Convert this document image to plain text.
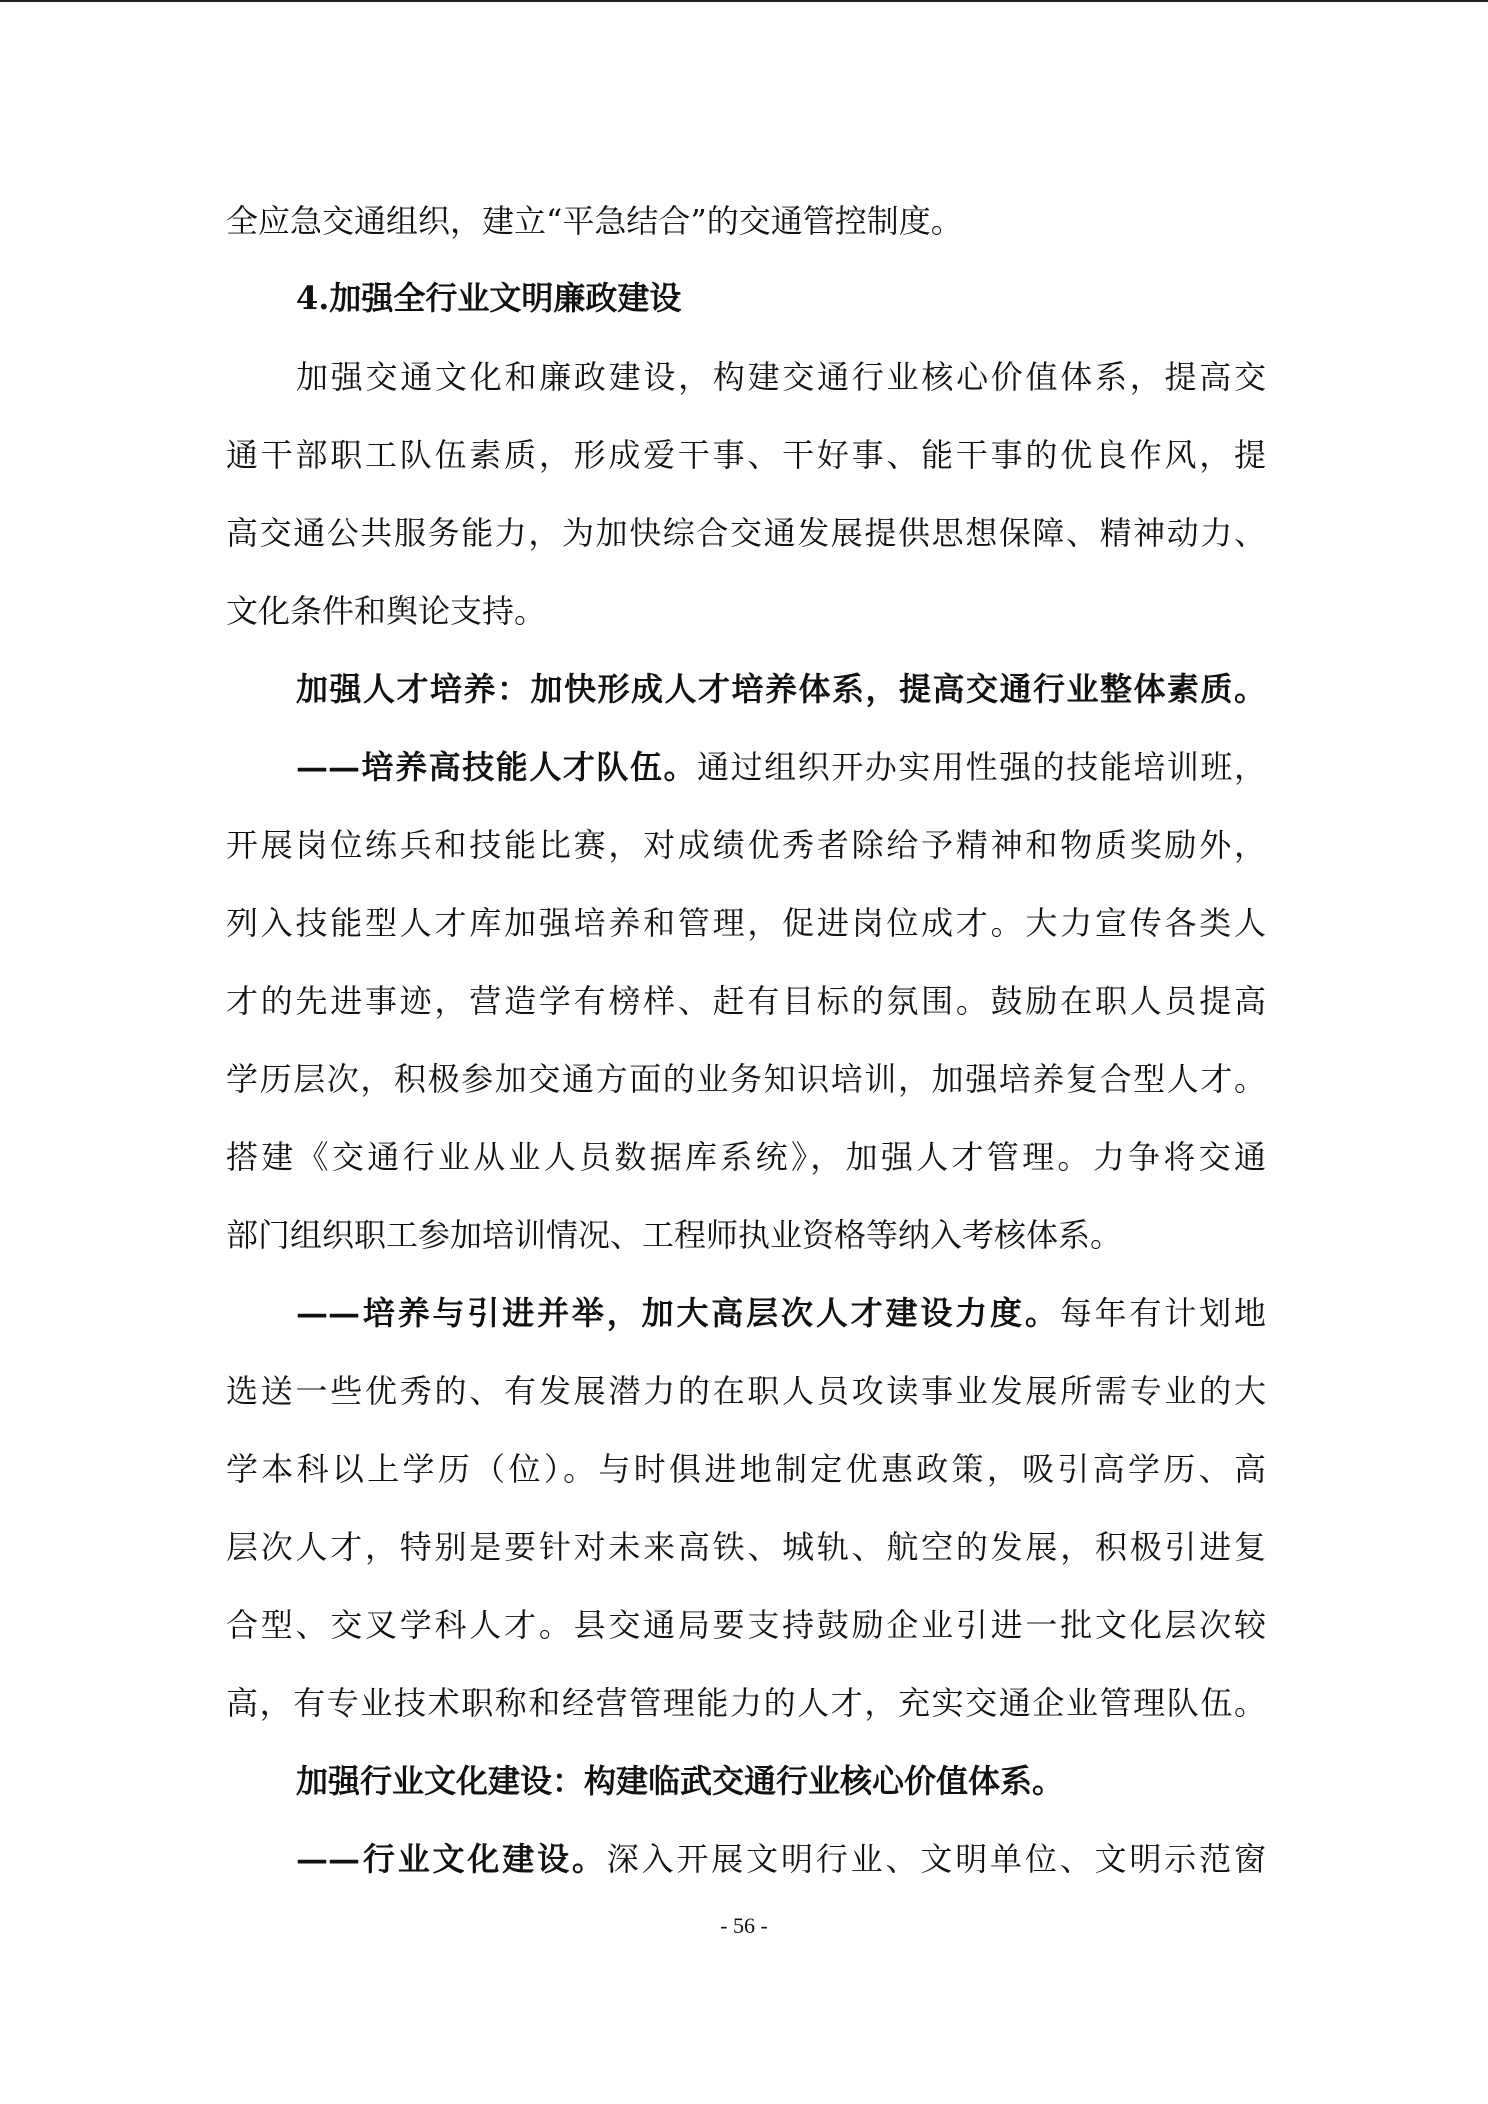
全应急交通组织，建立“平急结合”的交通管控制度。
4.加强全行业文明廉政建设
加强交通文化和廉政建设，构建交通行业核心价值体系，提高交
通干部职工队伍素质，形成爱干事、干好事、能干事的优良作风，提
高交通公共服务能力，为加快综合交通发展提供思想保障、精神动力、
文化条件和舆论支持。
加强人才培养：加快形成人才培养体系，提高交通行业整体素质。
——培养高技能人才队伍。通过组织开办实用性强的技能培训班，
开展岗位练兵和技能比赛，对成绩优秀者除给予精神和物质奖励外，
列入技能型人才库加强培养和管理，促进岗位成才。大力宣传各类人
才的先进事迹，营造学有榜样、赶有目标的氛围。鼓励在职人员提高
学历层次，积极参加交通方面的业务知识培训，加强培养复合型人才。
搭建《交通行业从业人员数据库系统》，加强人才管理。力争将交通
部门组织职工参加培训情况、工程师执业资格等纳入考核体系。
——培养与引进并举，加大高层次人才建设力度。每年有计划地
选送一些优秀的、有发展潜力的在职人员攻读事业发展所需专业的大
学本科以上学历（位）。与时俱进地制定优惠政策，吸引高学历、高
层次人才，特别是要针对未来高铁、城轨、航空的发展，积极引进复
合型、交叉学科人才。县交通局要支持鼓励企业引进一批文化层次较
高，有专业技术职称和经营管理能力的人才，充实交通企业管理队伍。
加强行业文化建设：构建临武交通行业核心价值体系。
——行业文化建设。深入开展文明行业、文明单位、文明示范窗
- 56 -
